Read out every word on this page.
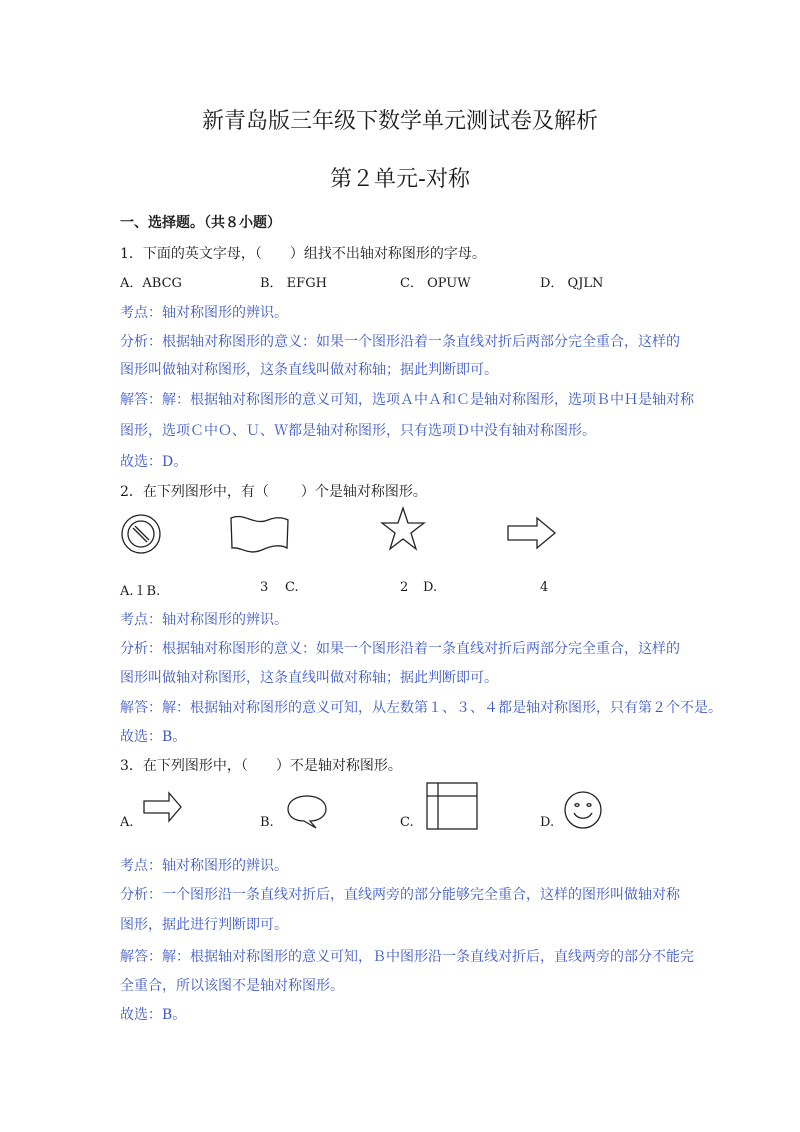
新青岛版三年级下数学单元测试卷及解析
第２单元-对称
一、选择题。（共８小题）
1．下面的英文字母，（　　）组找不出轴对称图形的字母。
A．ABCG	B． EFGH	C． OPUW	D． QJLN
考点：轴对称图形的辨识。
分析：根据轴对称图形的意义：如果一个图形沿着一条直线对折后两部分完全重合，这样的
图形叫做轴对称图形，这条直线叫做对称轴；据此判断即可。
解答：解：根据轴对称图形的意义可知，选项Ａ中Ａ和Ｃ是轴对称图形，选项Ｂ中Ｈ是轴对称
图形，选项Ｃ中Ｏ、Ｕ、Ｗ都是轴对称图形，只有选项Ｄ中没有轴对称图形。
故选：D。
2．在下列图形中，有（ ）个是轴对称图形。
A.１B.	3 C.	2 D.	4
考点：轴对称图形的辨识。
分析：根据轴对称图形的意义：如果一个图形沿着一条直线对折后两部分完全重合，这样的
图形叫做轴对称图形，这条直线叫做对称轴；据此判断即可。
解答：解：根据轴对称图形的意义可知，从左数第１、３、４都是轴对称图形，只有第２个不是。
故选：B。
3．在下列图形中，（　　）不是轴对称图形。
A.	B.	C.	D.
考点：轴对称图形的辨识。
分析：一个图形沿一条直线对折后，直线两旁的部分能够完全重合，这样的图形叫做轴对称
图形，据此进行判断即可。
解答：解：根据轴对称图形的意义可知，Ｂ中图形沿一条直线对折后，直线两旁的部分不能完
全重合，所以该图不是轴对称图形。
故选：B。
